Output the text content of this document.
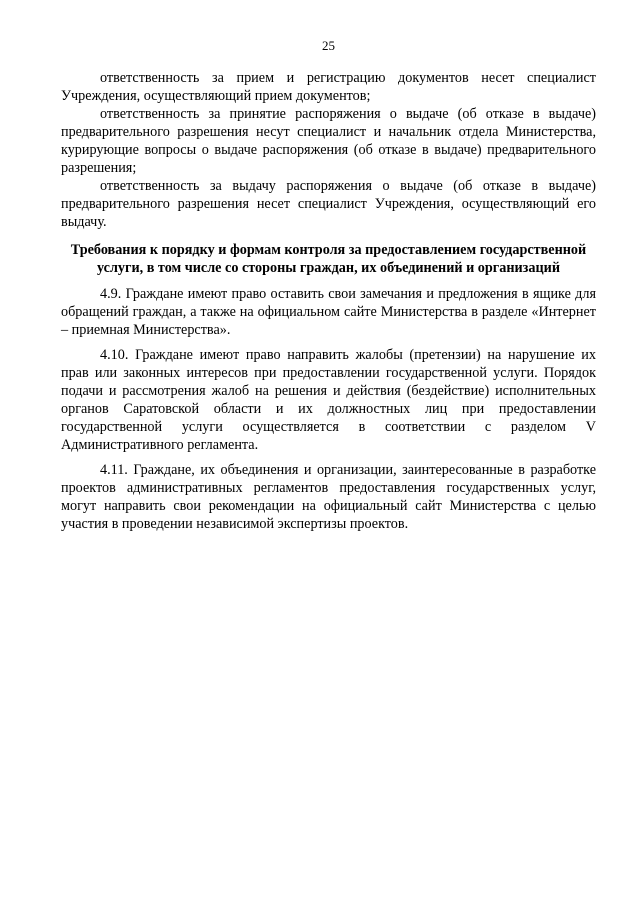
25

ответственность за прием и регистрацию документов несет специалист Учреждения, осуществляющий прием документов;

ответственность за принятие распоряжения о выдаче (об отказе в выдаче) предварительного разрешения несут специалист и начальник отдела Министерства, курирующие вопросы о выдаче распоряжения (об отказе в выдаче) предварительного разрешения;

ответственность за выдачу распоряжения о выдаче (об отказе в выдаче) предварительного разрешения несет специалист Учреждения, осуществляющий его выдачу.

Требования к порядку и формам контроля за предоставлением государственной услуги, в том числе со стороны граждан, их объединений и организаций

4.9. Граждане имеют право оставить свои замечания и предложения в ящике для обращений граждан, а также на официальном сайте Министерства в разделе «Интернет – приемная Министерства».

4.10. Граждане имеют право направить жалобы (претензии) на нарушение их прав или законных интересов при предоставлении государственной услуги. Порядок подачи и рассмотрения жалоб на решения и действия (бездействие) исполнительных органов Саратовской области и их должностных лиц при предоставлении государственной услуги осуществляется в соответствии с разделом V Административного регламента.

4.11. Граждане, их объединения и организации, заинтересованные в разработке проектов административных регламентов предоставления государственных услуг, могут направить свои рекомендации на официальный сайт Министерства с целью участия в проведении независимой экспертизы проектов.
